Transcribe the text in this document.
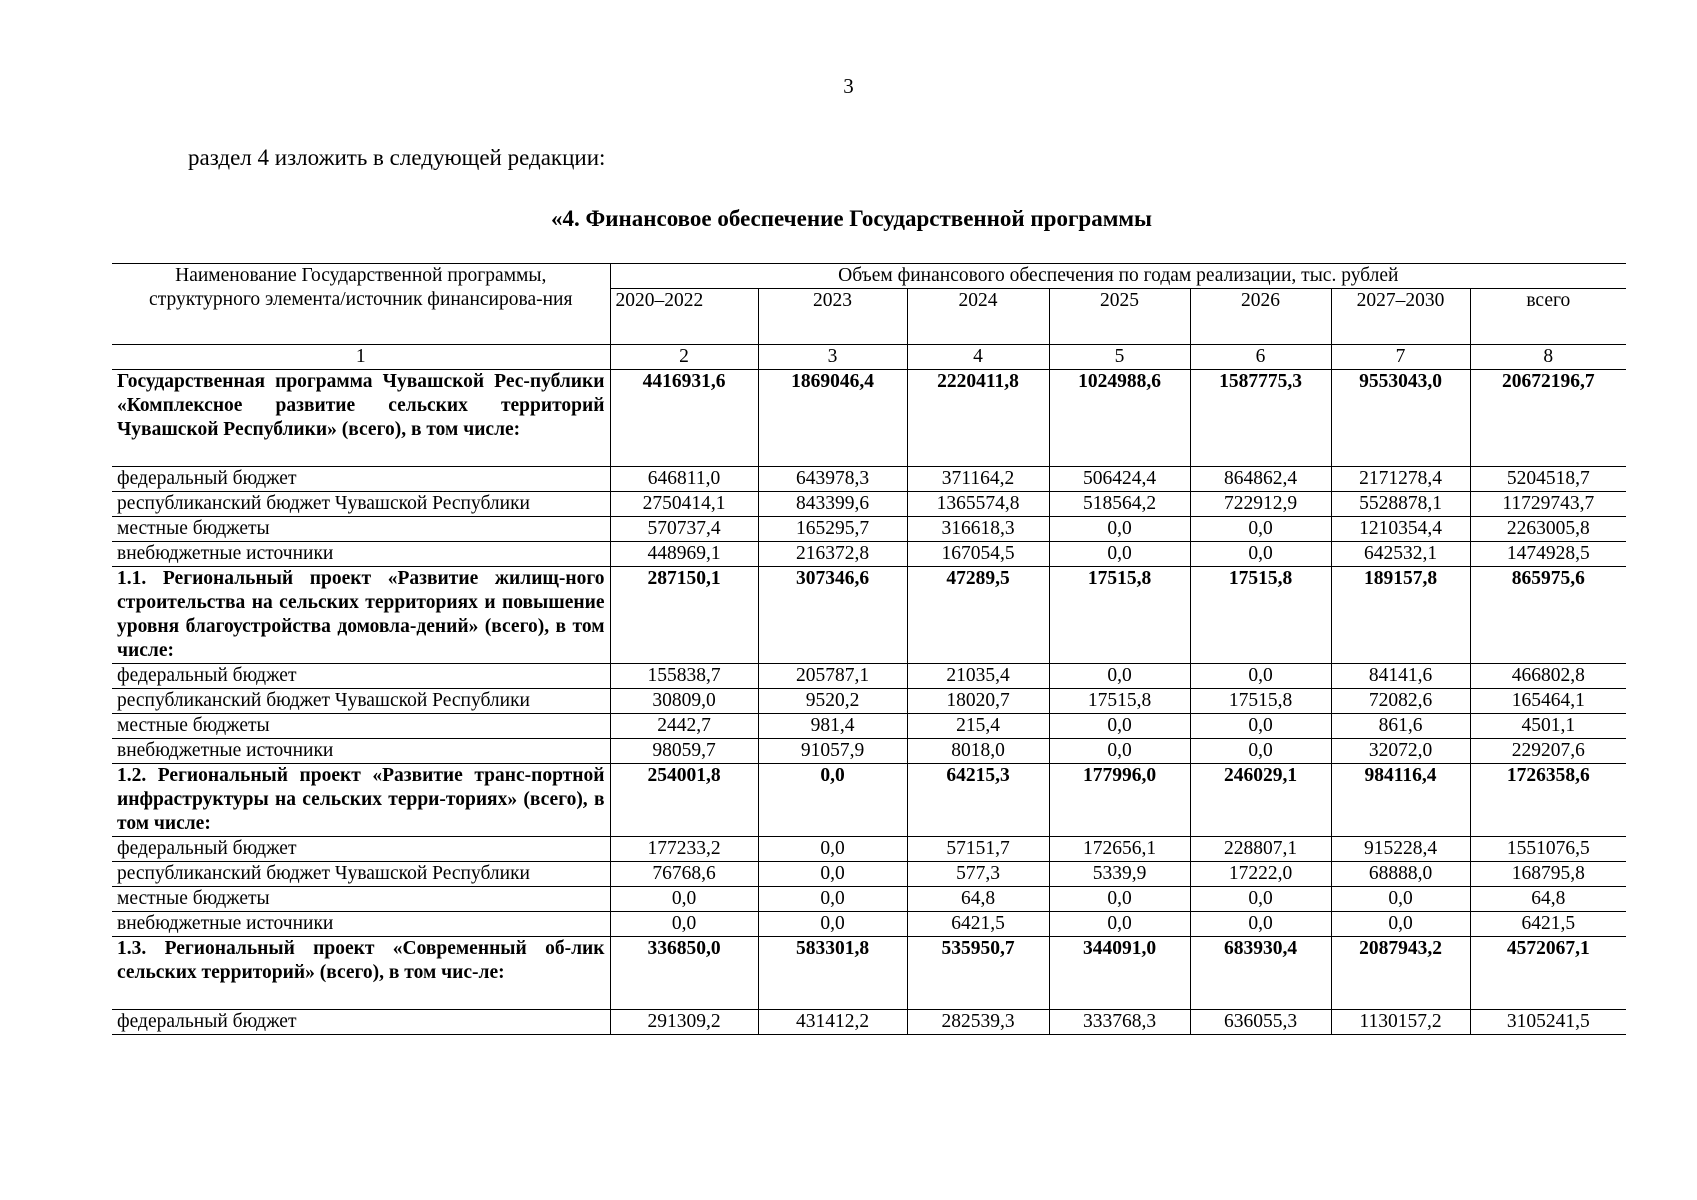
3
раздел 4 изложить в следующей редакции:
«4. Финансовое обеспечение Государственной программы
Наименование Государственной программы, структурного элемента/источник финансирова-ния	Объем финансового обеспечения по годам реализации, тыс. рублей						
	2020–2022	2023	2024	2025	2026	2027–2030	всего
1	2	3	4	5	6	7	8
Государственная программа Чувашской Рес-публики «Комплексное развитие сельских территорий Чувашской Республики» (всего), в том числе:	4416931,6	1869046,4	2220411,8	1024988,6	1587775,3	9553043,0	20672196,7
федеральный бюджет	646811,0	643978,3	371164,2	506424,4	864862,4	2171278,4	5204518,7
республиканский бюджет Чувашской Республики	2750414,1	843399,6	1365574,8	518564,2	722912,9	5528878,1	11729743,7
местные бюджеты	570737,4	165295,7	316618,3	0,0	0,0	1210354,4	2263005,8
внебюджетные источники	448969,1	216372,8	167054,5	0,0	0,0	642532,1	1474928,5
1.1. Региональный проект «Развитие жилищ-ного строительства на сельских территориях и повышение уровня благоустройства домовла-дений» (всего), в том числе:	287150,1	307346,6	47289,5	17515,8	17515,8	189157,8	865975,6
федеральный бюджет	155838,7	205787,1	21035,4	0,0	0,0	84141,6	466802,8
республиканский бюджет Чувашской Республики	30809,0	9520,2	18020,7	17515,8	17515,8	72082,6	165464,1
местные бюджеты	2442,7	981,4	215,4	0,0	0,0	861,6	4501,1
внебюджетные источники	98059,7	91057,9	8018,0	0,0	0,0	32072,0	229207,6
1.2. Региональный проект «Развитие транс-портной инфраструктуры на сельских терри-ториях» (всего), в том числе:	254001,8	0,0	64215,3	177996,0	246029,1	984116,4	1726358,6
федеральный бюджет	177233,2	0,0	57151,7	172656,1	228807,1	915228,4	1551076,5
республиканский бюджет Чувашской Республики	76768,6	0,0	577,3	5339,9	17222,0	68888,0	168795,8
местные бюджеты	0,0	0,0	64,8	0,0	0,0	0,0	64,8
внебюджетные источники	0,0	0,0	6421,5	0,0	0,0	0,0	6421,5
1.3. Региональный проект «Современный об-лик сельских территорий» (всего), в том чис-ле:	336850,0	583301,8	535950,7	344091,0	683930,4	2087943,2	4572067,1
федеральный бюджет	291309,2	431412,2	282539,3	333768,3	636055,3	1130157,2	3105241,5
